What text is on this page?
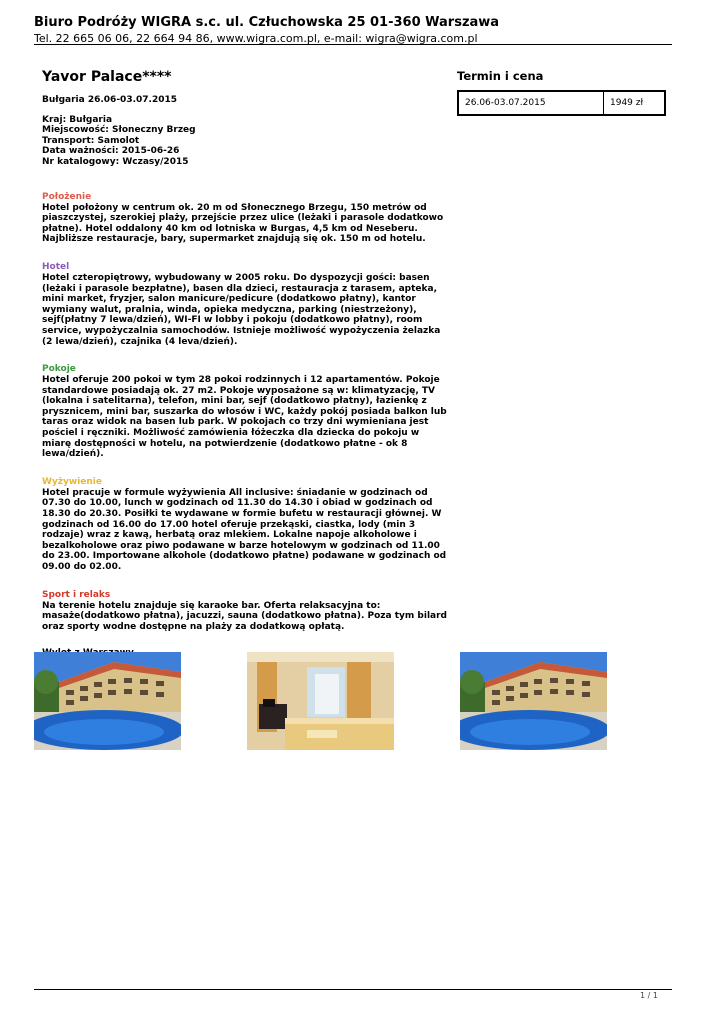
Biuro Podróży WIGRA s.c. ul. Człuchowska 25 01-360 Warszawa
Tel. 22 665 06 06, 22 664 94 86, www.wigra.com.pl, e-mail: wigra@wigra.com.pl
Yavor Palace****
Bułgaria 26.06-03.07.2015
Kraj: Bułgaria
Miejscowość: Słoneczny Brzeg
Transport: Samolot
Data ważności: 2015-06-26
Nr katalogowy: Wczasy/2015
Położenie
Hotel położony w centrum ok. 20 m od Słonecznego Brzegu, 150 metrów od piaszczystej, szerokiej plaży, przejście przez ulice (leżaki i parasole dodatkowo płatne). Hotel oddalony 40 km od lotniska w Burgas, 4,5 km od Neseberu. Najbliższe restauracje, bary, supermarket znajdują się ok. 150 m od hotelu.
Hotel
Hotel czteropiętrowy, wybudowany w 2005 roku. Do dyspozycji gości: basen (leżaki i parasole bezpłatne), basen dla dzieci, restauracja z tarasem, apteka, mini market, fryzjer, salon manicure/pedicure (dodatkowo płatny), kantor wymiany walut, pralnia, winda, opieka medyczna, parking (niestrzeżony), sejf(płatny 7 lewa/dzień), WI-FI w lobby i pokoju (dodatkowo płatny), room service, wypożyczalnia samochodów. Istnieje możliwość wypożyczenia żelazka (2 lewa/dzień), czajnika (4 leva/dzień).
Pokoje
Hotel oferuje 200 pokoi w tym 28 pokoi rodzinnych i 12 apartamentów. Pokoje standardowe posiadają ok. 27 m2. Pokoje wyposażone są w: klimatyzację, TV (lokalna i satelitarna), telefon, mini bar, sejf (dodatkowo płatny), łazienkę z prysznicem, mini bar, suszarka do włosów i WC, każdy pokój posiada balkon lub taras oraz widok na basen lub park. W pokojach co trzy dni wymieniana jest pościel i ręczniki. Możliwość zamówienia łóżeczka dla dziecka do pokoju w miarę dostępności w hotelu, na potwierdzenie (dodatkowo płatne - ok 8 lewa/dzień).
Wyżywienie
Hotel pracuje w formule wyżywienia All inclusive: śniadanie w godzinach od 07.30 do 10.00, lunch w godzinach od 11.30 do 14.30 i obiad w godzinach od 18.30 do 20.30. Posiłki te wydawane w formie bufetu w restauracji głównej. W godzinach od 16.00 do 17.00 hotel oferuje przekąski, ciastka, lody (min 3 rodzaje) wraz z kawą, herbatą oraz mlekiem. Lokalne napoje alkoholowe i bezalkoholowe oraz piwo podawane w barze hotelowym w godzinach od 11.00 do 23.00. Importowane alkohole (dodatkowo płatne) podawane w godzinach od 09.00 do 02.00.
Sport i relaks
Na terenie hotelu znajduje się karaoke bar. Oferta relaksacyjna to: masaże(dodatkowo płatna), jacuzzi, sauna (dodatkowo płatna). Poza tym bilard oraz sporty wodne dostępne na plaży za dodatkową opłatą.
Termin i cena
26.06-03.07.2015	1949 zł
1 / 1
